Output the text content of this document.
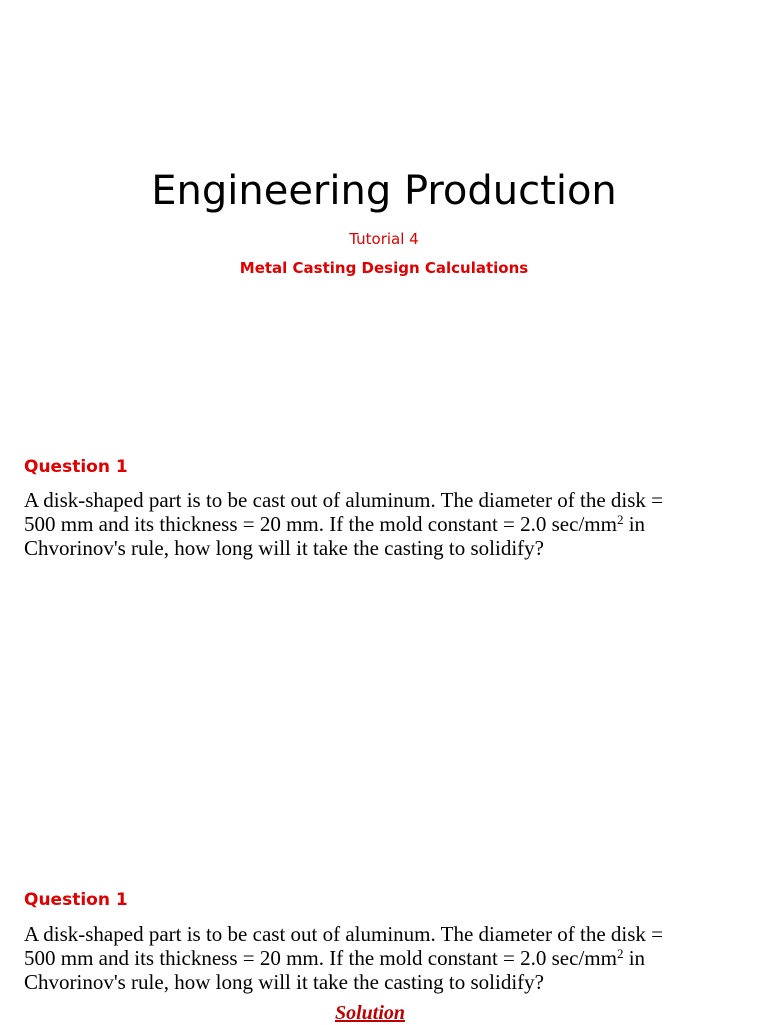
Engineering Production
Tutorial 4
Metal Casting Design Calculations
Question 1
A disk-shaped part is to be cast out of aluminum. The diameter of the disk =
500 mm and its thickness = 20 mm. If the mold constant = 2.0 $\sec/mm^2$ in
Chvorinov's rule, how long will it take the casting to solidify?
Question 1
A disk-shaped part is to be cast out of aluminum. The diameter of the disk =
500 mm and its thickness = 20 mm. If the mold constant = 2.0 $\sec/mm^2$ in
Chvorinov's rule, how long will it take the casting to solidify?
Solution
